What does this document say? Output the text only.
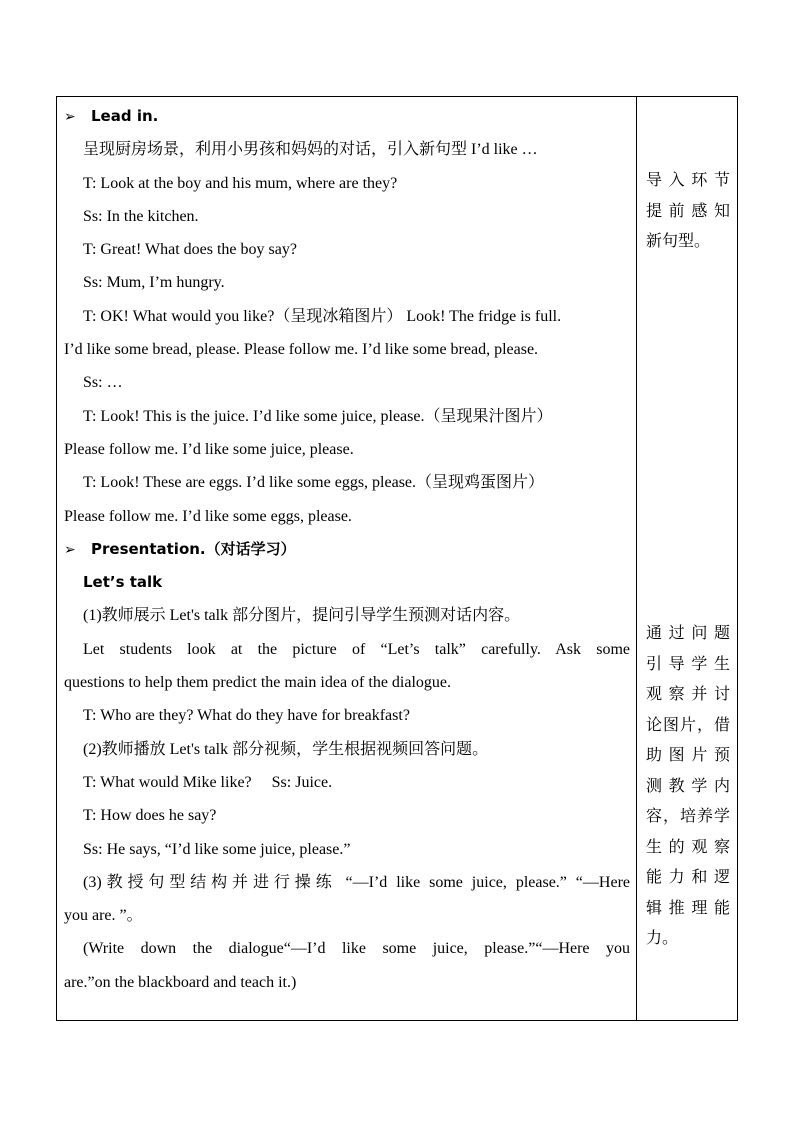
➢ Lead in.
呈现厨房场景，利用小男孩和妈妈的对话，引入新句型 I’d like …
T: Look at the boy and his mum, where are they?
Ss: In the kitchen.
T: Great! What does the boy say?
Ss: Mum, I’m hungry.
T: OK! What would you like?（呈现冰箱图片） Look! The fridge is full.
I’d like some bread, please. Please follow me. I’d like some bread, please.
Ss: …
T: Look! This is the juice. I’d like some juice, please.（呈现果汁图片）
Please follow me. I’d like some juice, please.
T: Look! These are eggs. I’d like some eggs, please.（呈现鸡蛋图片）
Please follow me. I’d like some eggs, please.
➢ Presentation.（对话学习）
Let’s talk
(1)教师展示 Let's talk 部分图片，提问引导学生预测对话内容。
Let students look at the picture of “Let’s talk” carefully. Ask some
questions to help them predict the main idea of the dialogue.
T: Who are they? What do they have for breakfast?
(2)教师播放 Let's talk 部分视频，学生根据视频回答问题。
T: What would Mike like?     Ss: Juice.
T: How does he say?
Ss: He says, “I’d like some juice, please.”
(3)教授句型结构并进行操练 “—I’d like some juice, please.” “—Here
you are. ”。
(Write down the dialogue“—I’d like some juice, please.”“—Here you
are.”on the blackboard and teach it.)
导 入 环 节
提 前 感 知
新句型。
通 过 问 题
引 导 学 生
观 察 并 讨
论图片，借
助 图 片 预
测 教 学 内
容，培养学
生 的 观 察
能 力 和 逻
辑 推 理 能
力。
